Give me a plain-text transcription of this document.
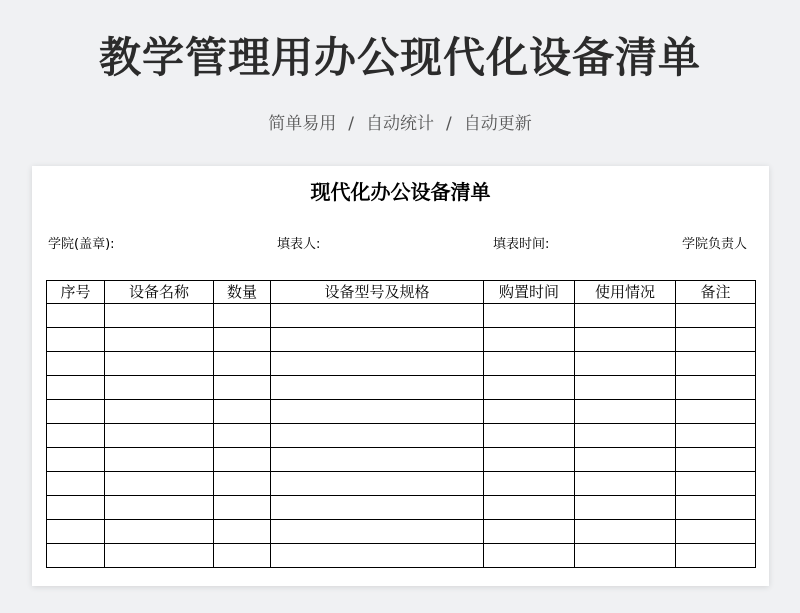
教学管理用办公现代化设备清单
简单易用 / 自动统计 / 自动更新
现代化办公设备清单
学院(盖章):	填表人:	填表时间:	学院负责人
序号	设备名称	数量	设备型号及规格	购置时间	使用情况	备注
